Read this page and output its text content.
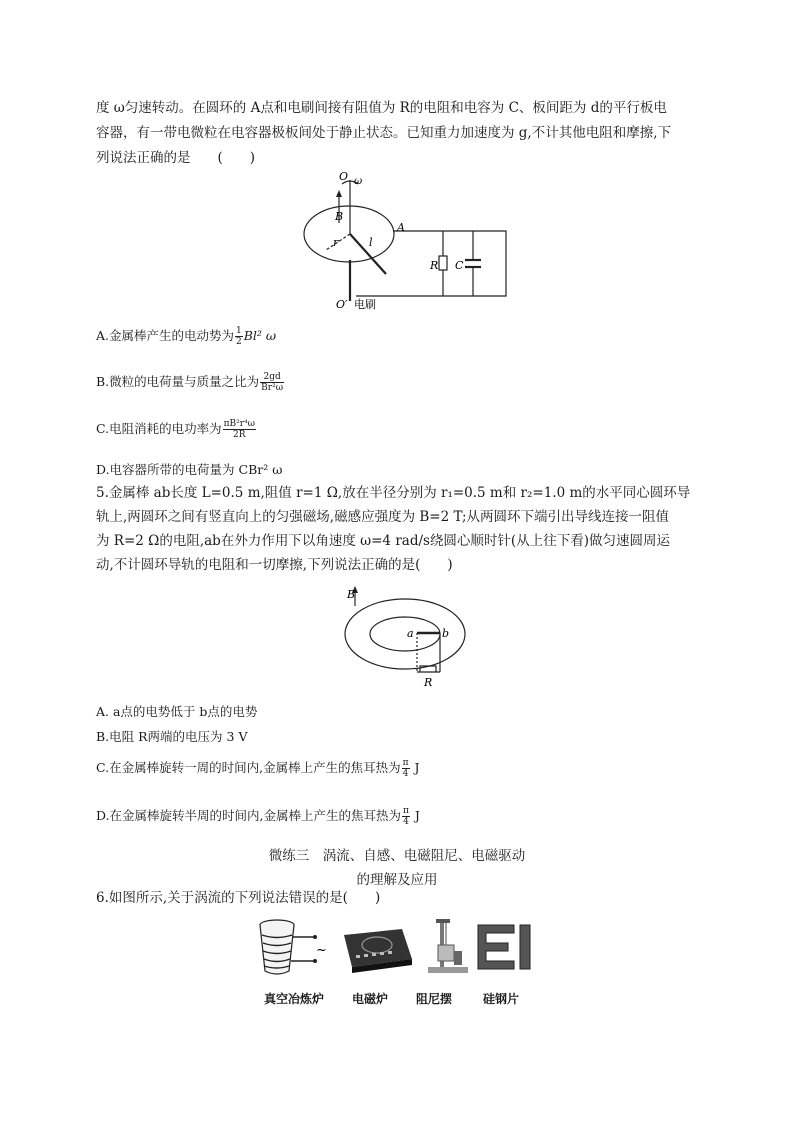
度 ω匀速转动。在圆环的 A点和电刷间接有阻值为 R的电阻和电容为 C、板间距为 d的平行板电
容器，有一带电微粒在电容器极板间处于静止状态。已知重力加速度为 g,不计其他电阻和摩擦,下
列说法正确的是　　(　　)
O ω
B
A
r	l
R C
O′ 电刷
A.金属棒产生的电动势为 $\frac{1}{2} Bl^2$ ω
B.微粒的电荷量与质量之比为 $\frac{2gd}{\text{Br²ω}}$
C.电阻消耗的电功率为 $\frac{\text{πB²r⁴ω}}{2R}$
D.电容器所带的电荷量为 CBr² ω
5.金属棒 ab长度 L=0.5 m,阻值 r=1 Ω,放在半径分别为 r₁=0.5 m和 r₂=1.0 m的水平同心圆环导
轨上,两圆环之间有竖直向上的匀强磁场,磁感应强度为 B=2 T;从两圆环下端引出导线连接一阻值
为 R=2 Ω的电阻,ab在外力作用下以角速度 ω=4 rad/s绕圆心顺时针(从上往下看)做匀速圆周运
动,不计圆环导轨的电阻和一切摩擦,下列说法正确的是(　　)
B
a	b
R
A. a点的电势低于 b点的电势
B.电阻 R两端的电压为 3 V
C.在金属棒旋转一周的时间内,金属棒上产生的焦耳热为 $\frac{\pi}{4}$ J
D.在金属棒旋转半周的时间内,金属棒上产生的焦耳热为 $\frac{\pi}{4}$ J
微练三　涡流、自感、电磁阻尼、电磁驱动
的理解及应用
6.如图所示,关于涡流的下列说法错误的是(　　)
~
真空冶炼炉 电磁炉 阻尼摆	硅钢片
